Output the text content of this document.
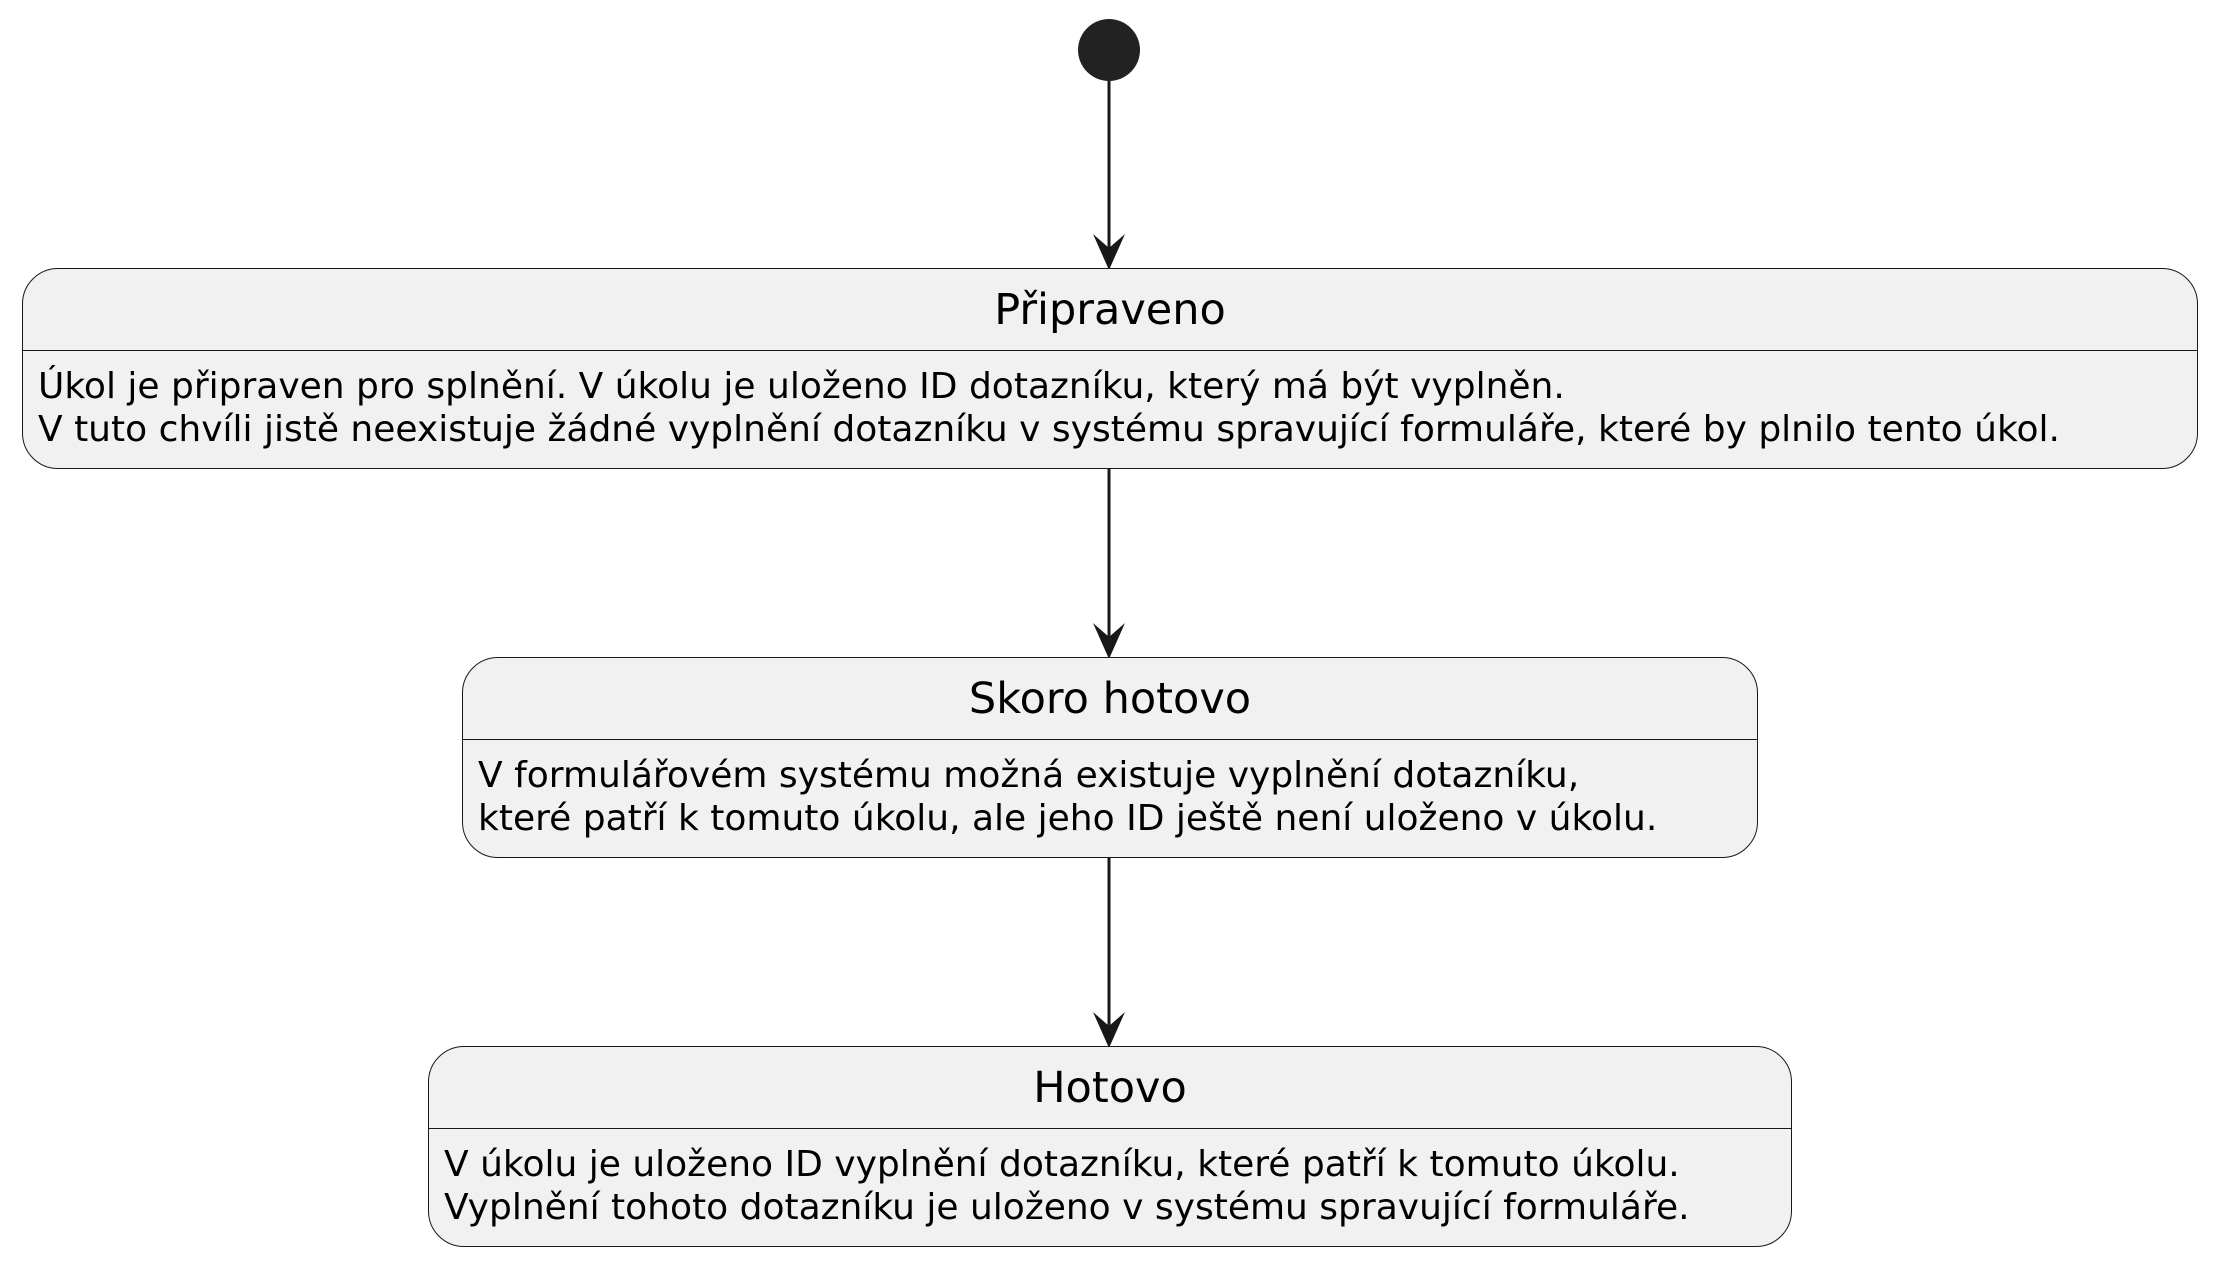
Připraveno
Úkol je připraven pro splnění. V úkolu je uloženo ID dotazníku, který má být vyplněn.
V tuto chvíli jistě neexistuje žádné vyplnění dotazníku v systému spravující formuláře, které by plnilo tento úkol.
Skoro hotovo
V formulářovém systému možná existuje vyplnění dotazníku,
které patří k tomuto úkolu, ale jeho ID ještě není uloženo v úkolu.
Hotovo
V úkolu je uloženo ID vyplnění dotazníku, které patří k tomuto úkolu.
Vyplnění tohoto dotazníku je uloženo v systému spravující formuláře.
